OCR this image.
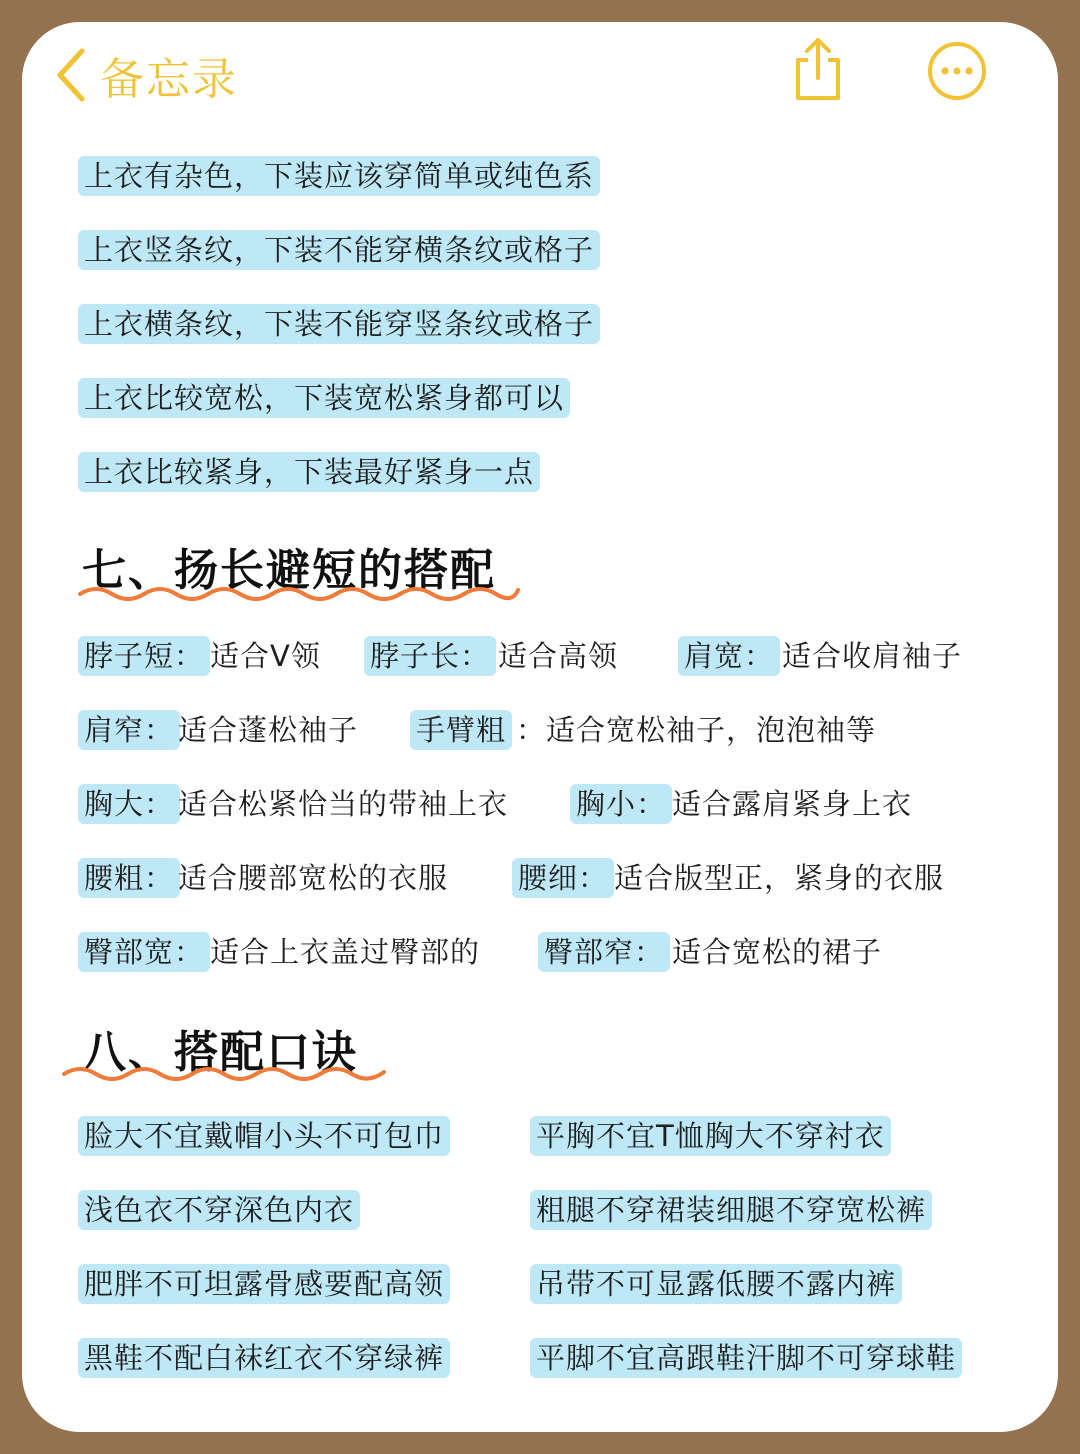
备忘录
上衣有杂色，下装应该穿简单或纯色系
上衣竖条纹，下装不能穿横条纹或格子
上衣横条纹，下装不能穿竖条纹或格子
上衣比较宽松，下装宽松紧身都可以
上衣比较紧身，下装最好紧身一点
七、扬长避短的搭配
脖子短： 适合V领 脖子长： 适合高领 肩宽： 适合收肩袖子
肩窄： 适合蓬松袖子 手臂粗 ：适合宽松袖子，泡泡袖等
胸大： 适合松紧恰当的带袖上衣 胸小： 适合露肩紧身上衣
腰粗： 适合腰部宽松的衣服 腰细： 适合版型正，紧身的衣服
臀部宽： 适合上衣盖过臀部的 臀部窄： 适合宽松的裙子
八、搭配口诀
脸大不宜戴帽小头不可包巾	平胸不宜T恤胸大不穿衬衣
浅色衣不穿深色内衣	粗腿不穿裙装细腿不穿宽松裤
肥胖不可坦露骨感要配高领	吊带不可显露低腰不露内裤
黑鞋不配白袜红衣不穿绿裤	平脚不宜高跟鞋汗脚不可穿球鞋
